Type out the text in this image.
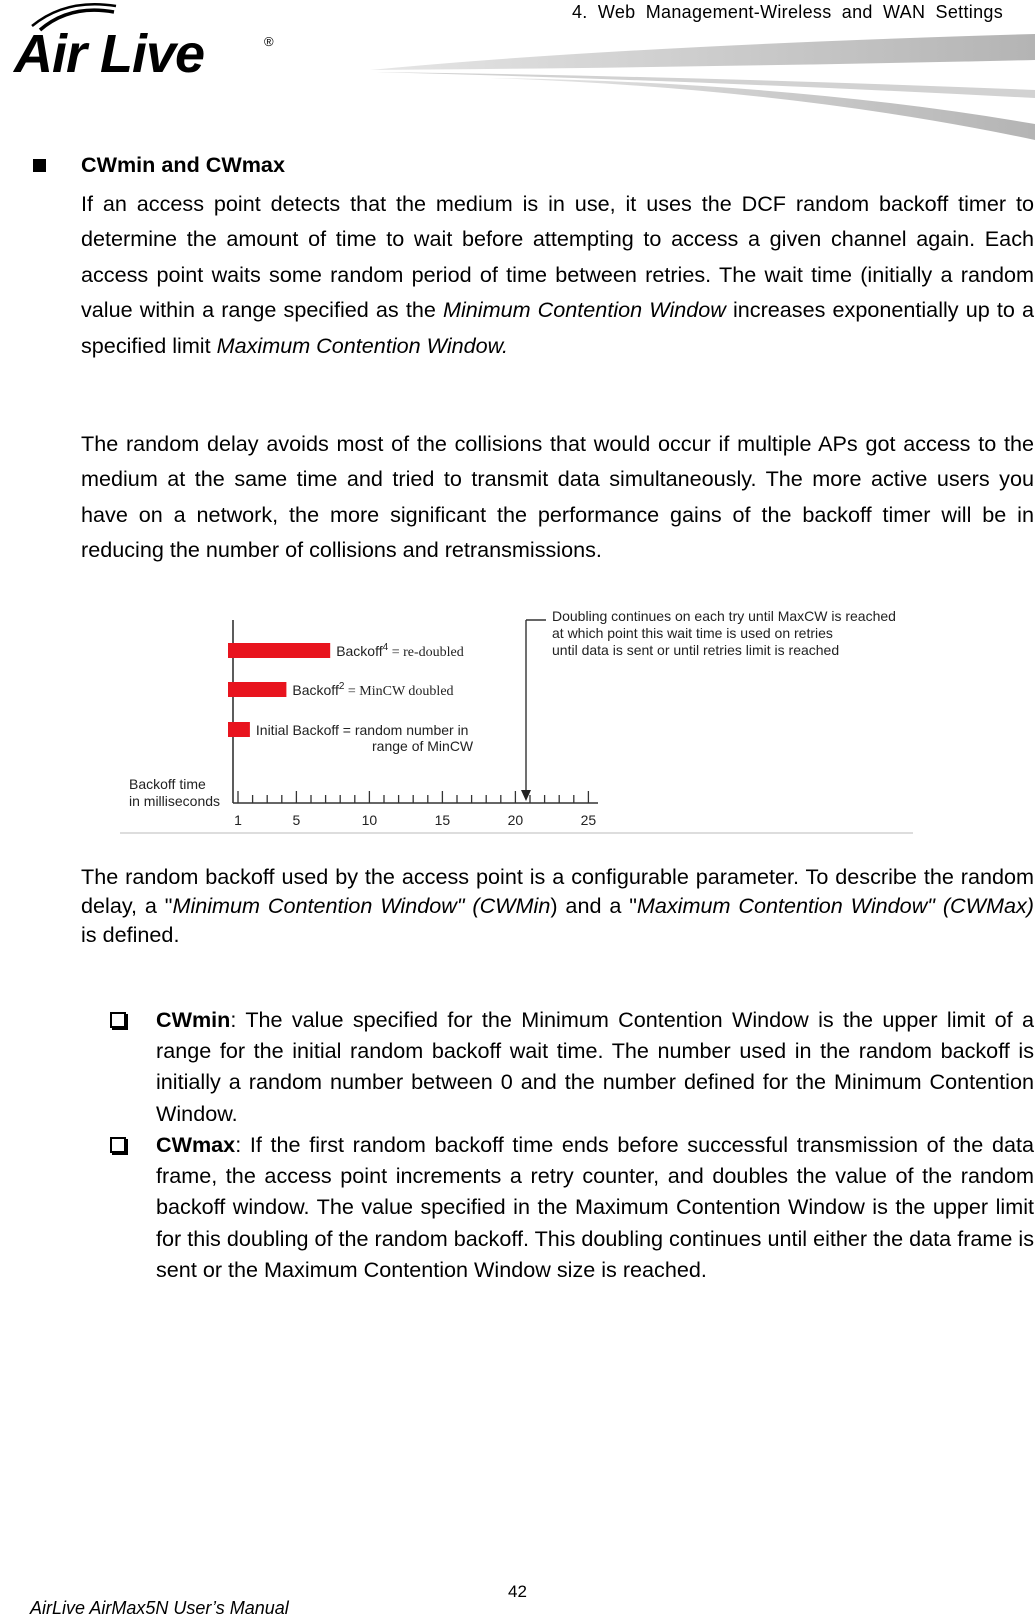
4. Web Management-Wireless and WAN Settings
Air Live	®
CWmin and CWmax
If an access point detects that the medium is in use, it uses the DCF random backoff timer to determine the amount of time to wait before attempting to access a given channel again. Each access point waits some random period of time between retries. The wait time (initially a random value within a range specified as the Minimum Contention Window increases exponentially up to a specified limit Maximum Contention Window.
The random delay avoids most of the collisions that would occur if multiple APs got access to the medium at the same time and tried to transmit data simultaneously. The more active users you have on a network, the more significant the performance gains of the backoff timer will be in reducing the number of collisions and retransmissions.
1	5	10	15	20	25
Backoff$^4$ = re-doubled
Backoff$^2$ = MinCW doubled
Initial Backoff = random number in
range of MinCW
Backoff time
in milliseconds
Doubling continues on each try until MaxCW is reached
at which point this wait time is used on retries
until data is sent or until retries limit is reached
The random backoff used by the access point is a configurable parameter. To describe the random delay, a "Minimum Contention Window" (CWMin) and a "Maximum Contention Window" (CWMax) is defined.
CWmin: The value specified for the Minimum Contention Window is the upper limit of a range for the initial random backoff wait time. The number used in the random backoff is initially a random number between 0 and the number defined for the Minimum Contention Window.
CWmax: If the first random backoff time ends before successful transmission of the data frame, the access point increments a retry counter, and doubles the value of the random backoff window. The value specified in the Maximum Contention Window is the upper limit for this doubling of the random backoff. This doubling continues until either the data frame is sent or the Maximum Contention Window size is reached.
42
AirLive AirMax5N User’s Manual
